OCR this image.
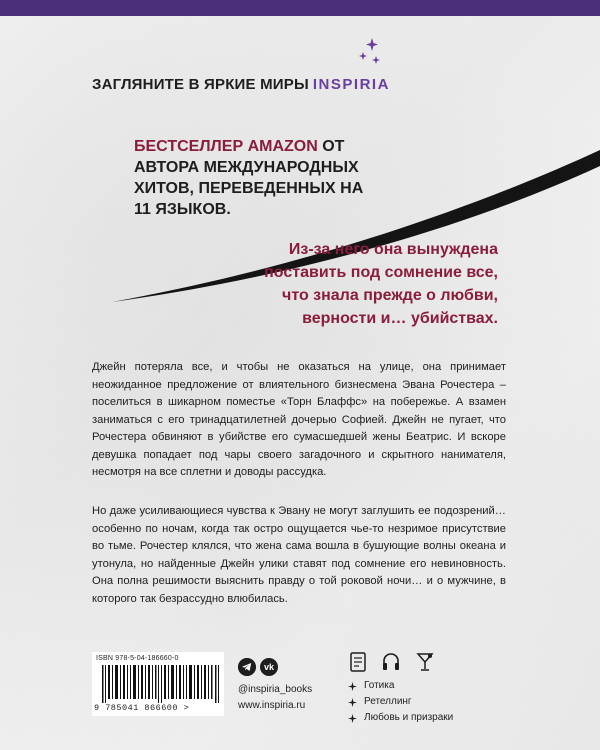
ЗАГЛЯНИТЕ В ЯРКИЕ МИРЫ INSPIRIA
БЕСТСЕЛЛЕР AMAZON ОТ АВТОРА МЕЖДУНАРОДНЫХ ХИТОВ, ПЕРЕВЕДЕННЫХ НА 11 ЯЗЫКОВ.
Из-за него она вынуждена поставить под сомнение все, что знала прежде о любви, верности и… убийствах.
Джейн потеряла все, и чтобы не оказаться на улице, она принимает неожиданное предложение от влиятельного бизнесмена Эвана Рочестера – поселиться в шикарном поместье «Торн Блаффс» на побережье. А взамен заниматься с его тринадцатилетней дочерью Софией. Джейн не пугает, что Рочестера обвиняют в убийстве его сумасшедшей жены Беатрис. И вскоре девушка попадает под чары своего загадочного и скрытного нанимателя, несмотря на все сплетни и доводы рассудка.
Но даже усиливающиеся чувства к Эвану не могут заглушить ее подозрений… особенно по ночам, когда так остро ощущается чье-то незримое присутствие во тьме. Рочестер клялся, что жена сама вошла в бушующие волны океана и утонула, но найденные Джейн улики ставят под сомнение его невиновность. Она полна решимости выяснить правду о той роковой ночи… и о мужчине, в которого так безрассудно влюбилась.
ISBN 978-5-04-186660-0
9 785041 866600 >
vk
@inspiria_books
www.inspiria.ru
Готика
Ретеллинг
Любовь и призраки
